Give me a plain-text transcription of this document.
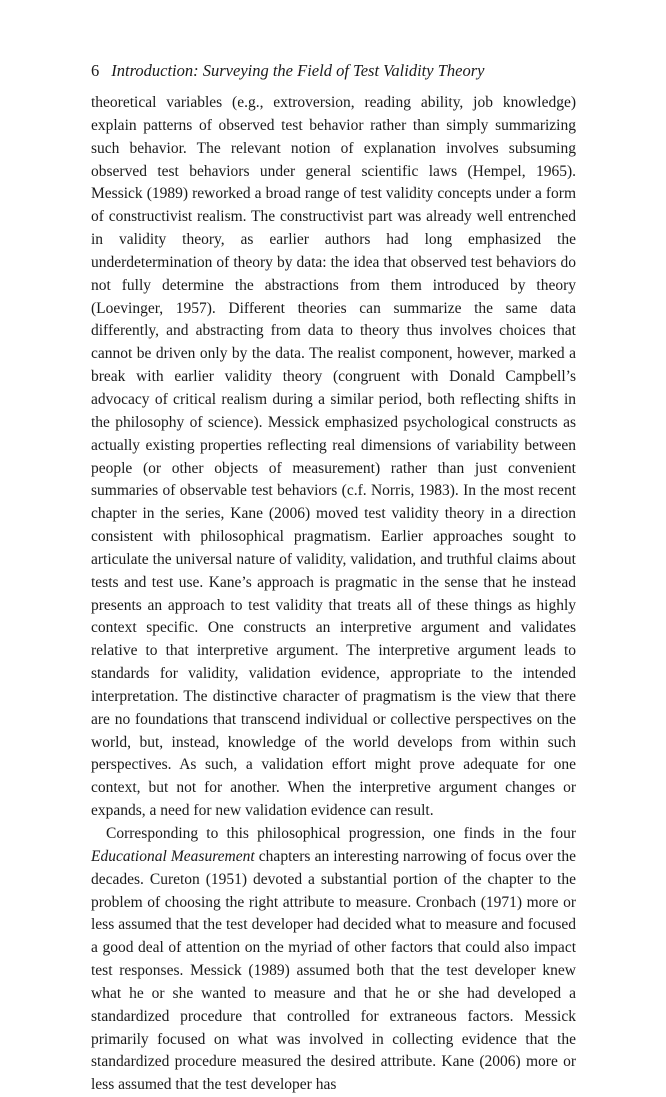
6 Introduction: Surveying the Field of Test Validity Theory

theoretical variables (e.g., extroversion, reading ability, job knowledge) explain patterns of observed test behavior rather than simply summarizing such behavior. The relevant notion of explanation involves subsuming observed test behaviors under general scientific laws (Hempel, 1965). Messick (1989) reworked a broad range of test validity concepts under a form of constructivist realism. The constructivist part was already well entrenched in validity theory, as earlier authors had long emphasized the underdetermination of theory by data: the idea that observed test behaviors do not fully determine the abstractions from them introduced by theory (Loevinger, 1957). Different theories can summarize the same data differently, and abstracting from data to theory thus involves choices that cannot be driven only by the data. The realist component, however, marked a break with earlier validity theory (congruent with Donald Campbell’s advocacy of critical realism during a similar period, both reflecting shifts in the philosophy of science). Messick emphasized psychological constructs as actually existing properties reflecting real dimensions of variability between people (or other objects of measurement) rather than just convenient summaries of observable test behaviors (c.f. Norris, 1983). In the most recent chapter in the series, Kane (2006) moved test validity theory in a direction consistent with philosophical pragmatism. Earlier approaches sought to articulate the universal nature of validity, validation, and truthful claims about tests and test use. Kane’s approach is pragmatic in the sense that he instead presents an approach to test validity that treats all of these things as highly context specific. One constructs an interpretive argument and validates relative to that interpretive argument. The interpretive argument leads to standards for validity, validation evidence, appropriate to the intended interpretation. The distinctive character of pragmatism is the view that there are no foundations that transcend individual or collective perspectives on the world, but, instead, knowledge of the world develops from within such perspectives. As such, a validation effort might prove adequate for one context, but not for another. When the interpretive argument changes or expands, a need for new validation evidence can result.

Corresponding to this philosophical progression, one finds in the four Educational Measurement chapters an interesting narrowing of focus over the decades. Cureton (1951) devoted a substantial portion of the chapter to the problem of choosing the right attribute to measure. Cronbach (1971) more or less assumed that the test developer had decided what to measure and focused a good deal of attention on the myriad of other factors that could also impact test responses. Messick (1989) assumed both that the test developer knew what he or she wanted to measure and that he or she had developed a standardized procedure that controlled for extraneous factors. Messick primarily focused on what was involved in collecting evidence that the standardized procedure measured the desired attribute. Kane (2006) more or less assumed that the test developer has
